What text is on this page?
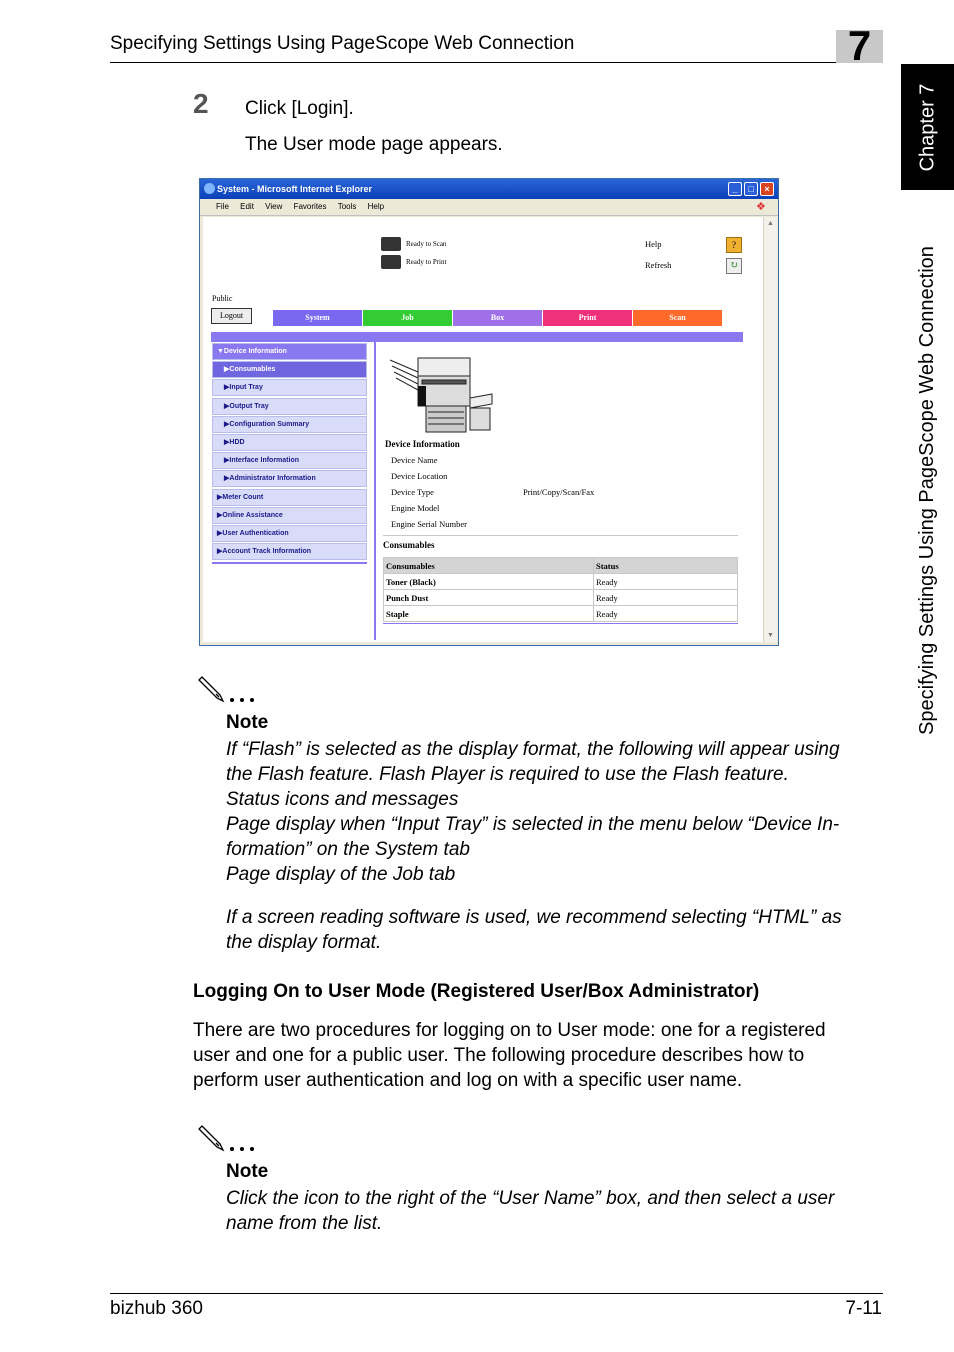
Specifying Settings Using PageScope Web Connection	7
Chapter 7
Specifying Settings Using PageScope Web Connection
2 Click [Login].
The User mode page appears.
System - Microsoft Internet Explorer	_	□	×
File Edit View Favorites Tools Help	❖
Ready to Scan
Ready to Print
Help	?
Refresh	↻
Public
Logout	System	Job	Box	Print	Scan
▼Device Information
▶Consumables
▶Input Tray
▶Output Tray
▶Configuration Summary
▶HDD
▶Interface Information
▶Administrator Information
▶Meter Count
▶Online Assistance
▶User Authentication
▶Account Track Information
Device Information
Device Name
Device Location
Device Type	Print/Copy/Scan/Fax
Engine Model
Engine Serial Number
Consumables
Consumables	Status
Toner (Black)	Ready
Punch Dust	Ready
Staple	Ready
▲
▼
Note
If “Flash” is selected as the display format, the following will appear using
the Flash feature. Flash Player is required to use the Flash feature.
Status icons and messages
Page display when “Input Tray” is selected in the menu below “Device In-
formation” on the System tab
Page display of the Job tab
If a screen reading software is used, we recommend selecting “HTML” as
the display format.
Logging On to User Mode (Registered User/Box Administrator)
There are two procedures for logging on to User mode: one for a registered
user and one for a public user. The following procedure describes how to
perform user authentication and log on with a specific user name.
Note
Click the icon to the right of the “User Name” box, and then select a user
name from the list.
bizhub 360	7-11
